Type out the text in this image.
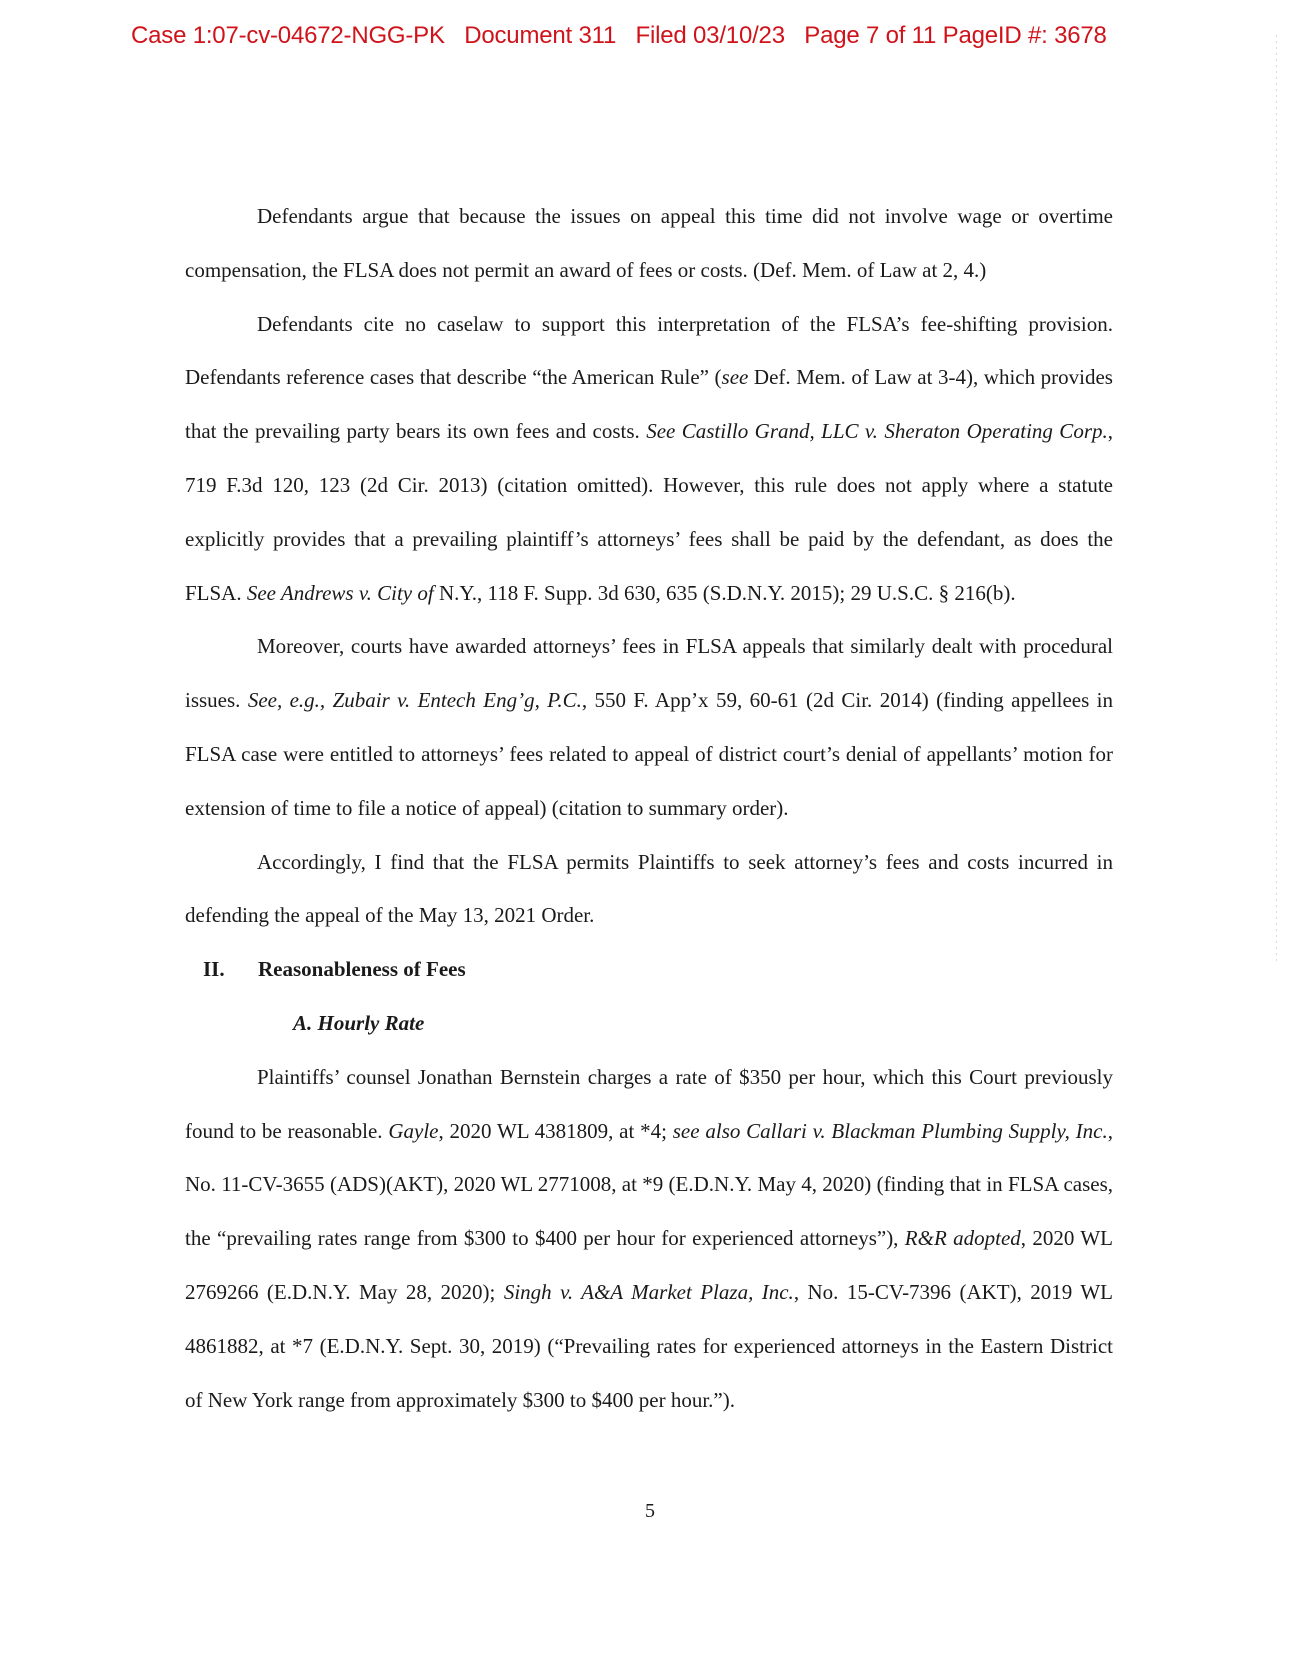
Case 1:07-cv-04672-NGG-PK Document 311 Filed 03/10/23 Page 7 of 11 PageID #: 3678

Defendants argue that because the issues on appeal this time did not involve wage or overtime compensation, the FLSA does not permit an award of fees or costs. (Def. Mem. of Law at 2, 4.)

Defendants cite no caselaw to support this interpretation of the FLSA’s fee-shifting provision. Defendants reference cases that describe “the American Rule” (see Def. Mem. of Law at 3-4), which provides that the prevailing party bears its own fees and costs. See Castillo Grand, LLC v. Sheraton Operating Corp., 719 F.3d 120, 123 (2d Cir. 2013) (citation omitted). However, this rule does not apply where a statute explicitly provides that a prevailing plaintiff’s attorneys’ fees shall be paid by the defendant, as does the FLSA. See Andrews v. City of N.Y., 118 F. Supp. 3d 630, 635 (S.D.N.Y. 2015); 29 U.S.C. § 216(b).

Moreover, courts have awarded attorneys’ fees in FLSA appeals that similarly dealt with procedural issues. See, e.g., Zubair v. Entech Eng’g, P.C., 550 F. App’x 59, 60-61 (2d Cir. 2014) (finding appellees in FLSA case were entitled to attorneys’ fees related to appeal of district court’s denial of appellants’ motion for extension of time to file a notice of appeal) (citation to summary order).

Accordingly, I find that the FLSA permits Plaintiffs to seek attorney’s fees and costs incurred in defending the appeal of the May 13, 2021 Order.

II. Reasonableness of Fees

A. Hourly Rate

Plaintiffs’ counsel Jonathan Bernstein charges a rate of $350 per hour, which this Court previously found to be reasonable. Gayle, 2020 WL 4381809, at *4; see also Callari v. Blackman Plumbing Supply, Inc., No. 11-CV-3655 (ADS)(AKT), 2020 WL 2771008, at *9 (E.D.N.Y. May 4, 2020) (finding that in FLSA cases, the “prevailing rates range from $300 to $400 per hour for experienced attorneys”), R&R adopted, 2020 WL 2769266 (E.D.N.Y. May 28, 2020); Singh v. A&A Market Plaza, Inc., No. 15-CV-7396 (AKT), 2019 WL 4861882, at *7 (E.D.N.Y. Sept. 30, 2019) (“Prevailing rates for experienced attorneys in the Eastern District of New York range from approximately $300 to $400 per hour.”).

5
